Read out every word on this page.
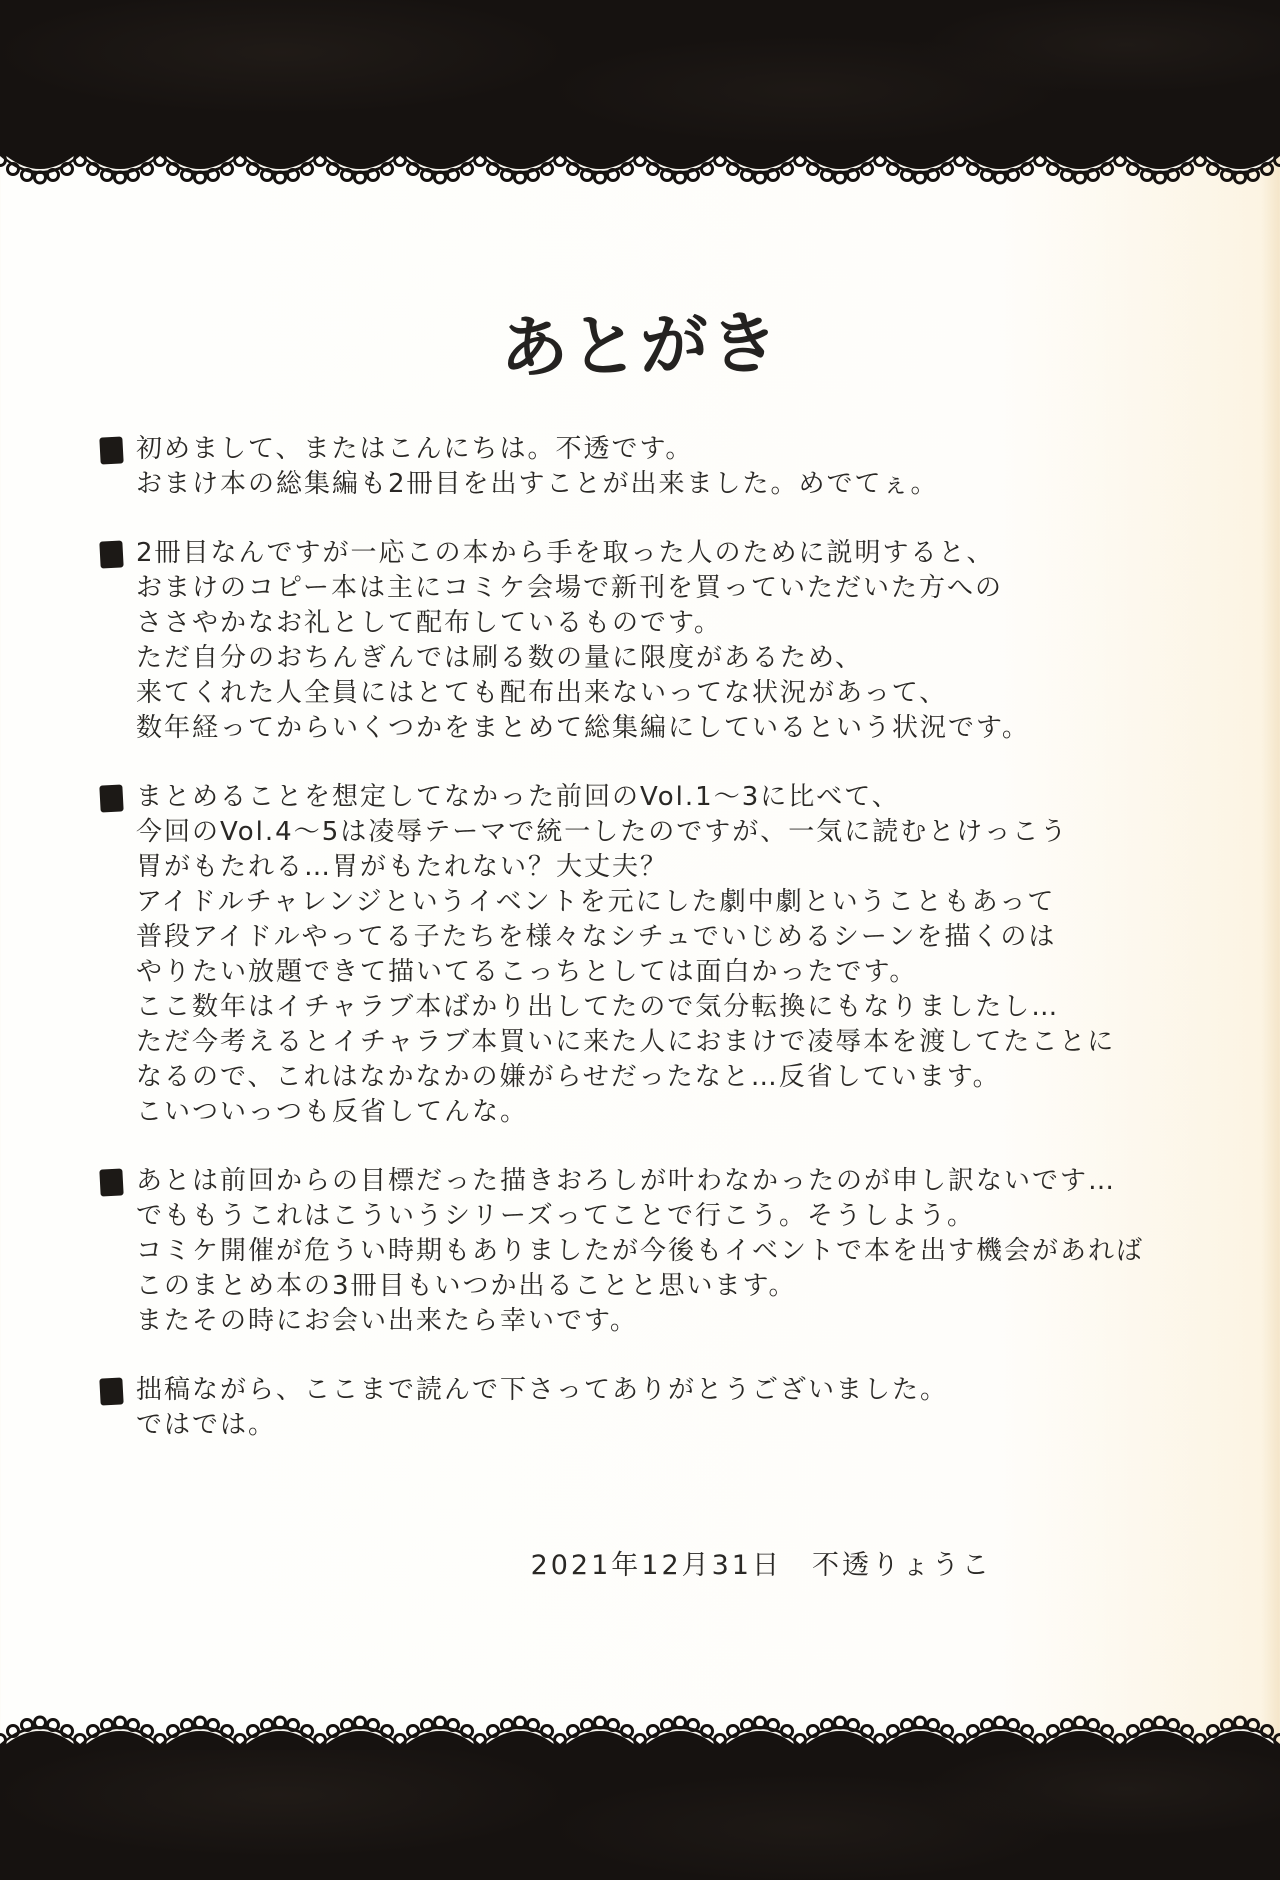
あとがき
初めまして、またはこんにちは。不透です。
おまけ本の総集編も2冊目を出すことが出来ました。めでてぇ。
2冊目なんですが一応この本から手を取った人のために説明すると、
おまけのコピー本は主にコミケ会場で新刊を買っていただいた方への
ささやかなお礼として配布しているものです。
ただ自分のおちんぎんでは刷る数の量に限度があるため、
来てくれた人全員にはとても配布出来ないってな状況があって、
数年経ってからいくつかをまとめて総集編にしているという状況です。
まとめることを想定してなかった前回のVol.1〜3に比べて、
今回のVol.4〜5は凌辱テーマで統一したのですが、一気に読むとけっこう
胃がもたれる…胃がもたれない？大丈夫？
アイドルチャレンジというイベントを元にした劇中劇ということもあって
普段アイドルやってる子たちを様々なシチュでいじめるシーンを描くのは
やりたい放題できて描いてるこっちとしては面白かったです。
ここ数年はイチャラブ本ばかり出してたので気分転換にもなりましたし…
ただ今考えるとイチャラブ本買いに来た人におまけで凌辱本を渡してたことに
なるので、これはなかなかの嫌がらせだったなと…反省しています。
こいついっつも反省してんな。
あとは前回からの目標だった描きおろしが叶わなかったのが申し訳ないです…
でももうこれはこういうシリーズってことで行こう。そうしよう。
コミケ開催が危うい時期もありましたが今後もイベントで本を出す機会があれば
このまとめ本の3冊目もいつか出ることと思います。
またその時にお会い出来たら幸いです。
拙稿ながら、ここまで読んで下さってありがとうございました。
ではでは。
2021年12月31日　不透りょうこ
